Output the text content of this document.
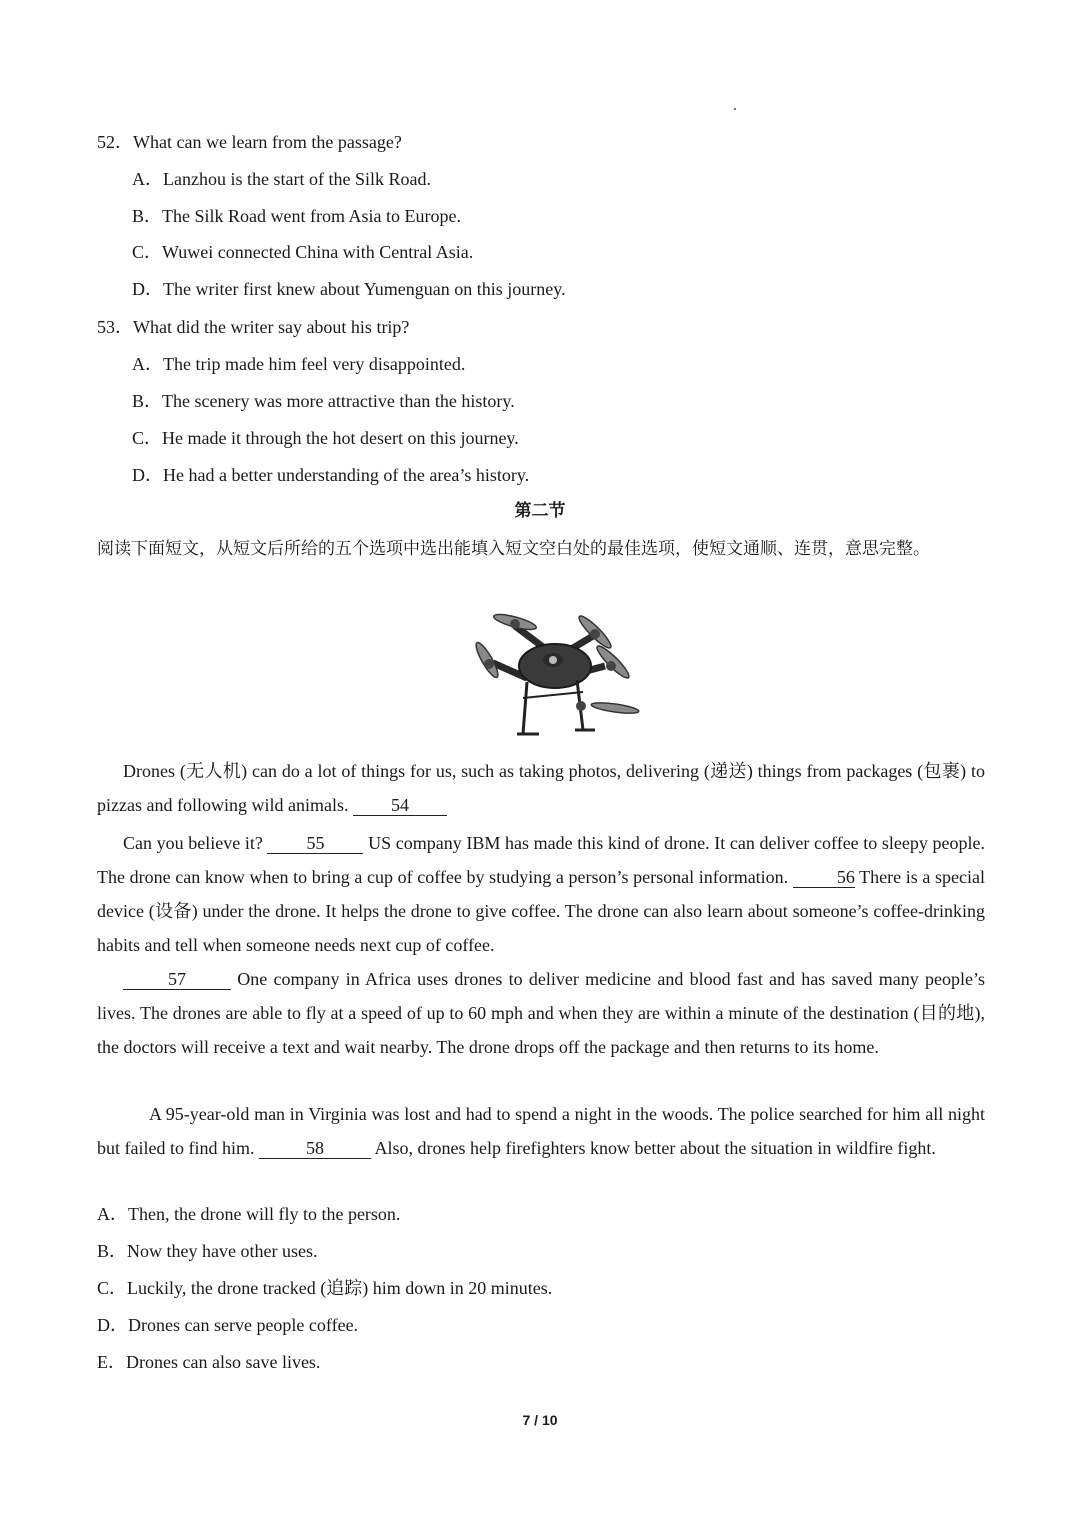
52．What can we learn from the passage?
A．Lanzhou is the start of the Silk Road.
B．The Silk Road went from Asia to Europe.
C．Wuwei connected China with Central Asia.
D．The writer first knew about Yumenguan on this journey.
53．What did the writer say about his trip?
A．The trip made him feel very disappointed.
B．The scenery was more attractive than the history.
C．He made it through the hot desert on this journey.
D．He had a better understanding of the area’s history.
第二节
阅读下面短文，从短文后所给的五个选项中选出能填入短文空白处的最佳选项，使短文通顺、连贯，意思完整。
Drones (无人机) can do a lot of things for us, such as taking photos, delivering (递送) things from packages (包裹) to pizzas and following wild animals. 54
Can you believe it? 55 US company IBM has made this kind of drone. It can deliver coffee to sleepy people. The drone can know when to bring a cup of coffee by studying a person’s personal information.	56 There is a special device (设备) under the drone. It helps the drone to give coffee. The drone can also learn about someone’s coffee-drinking habits and tell when someone needs next cup of coffee.
57	One company in Africa uses drones to deliver medicine and blood fast and has saved many people’s lives. The drones are able to fly at a speed of up to 60 mph and when they are within a minute of the destination (目的地), the doctors will receive a text and wait nearby. The drone drops off the package and then returns to its home.
A 95-year-old man in Virginia was lost and had to spend a night in the woods. The police searched for him all night but failed to find him.	58	Also, drones help firefighters know better about the situation in wildfire fight.
A．Then, the drone will fly to the person.
B．Now they have other uses.
C．Luckily, the drone tracked (追踪) him down in 20 minutes.
D．Drones can serve people coffee.
E．Drones can also save lives.
7 / 10
